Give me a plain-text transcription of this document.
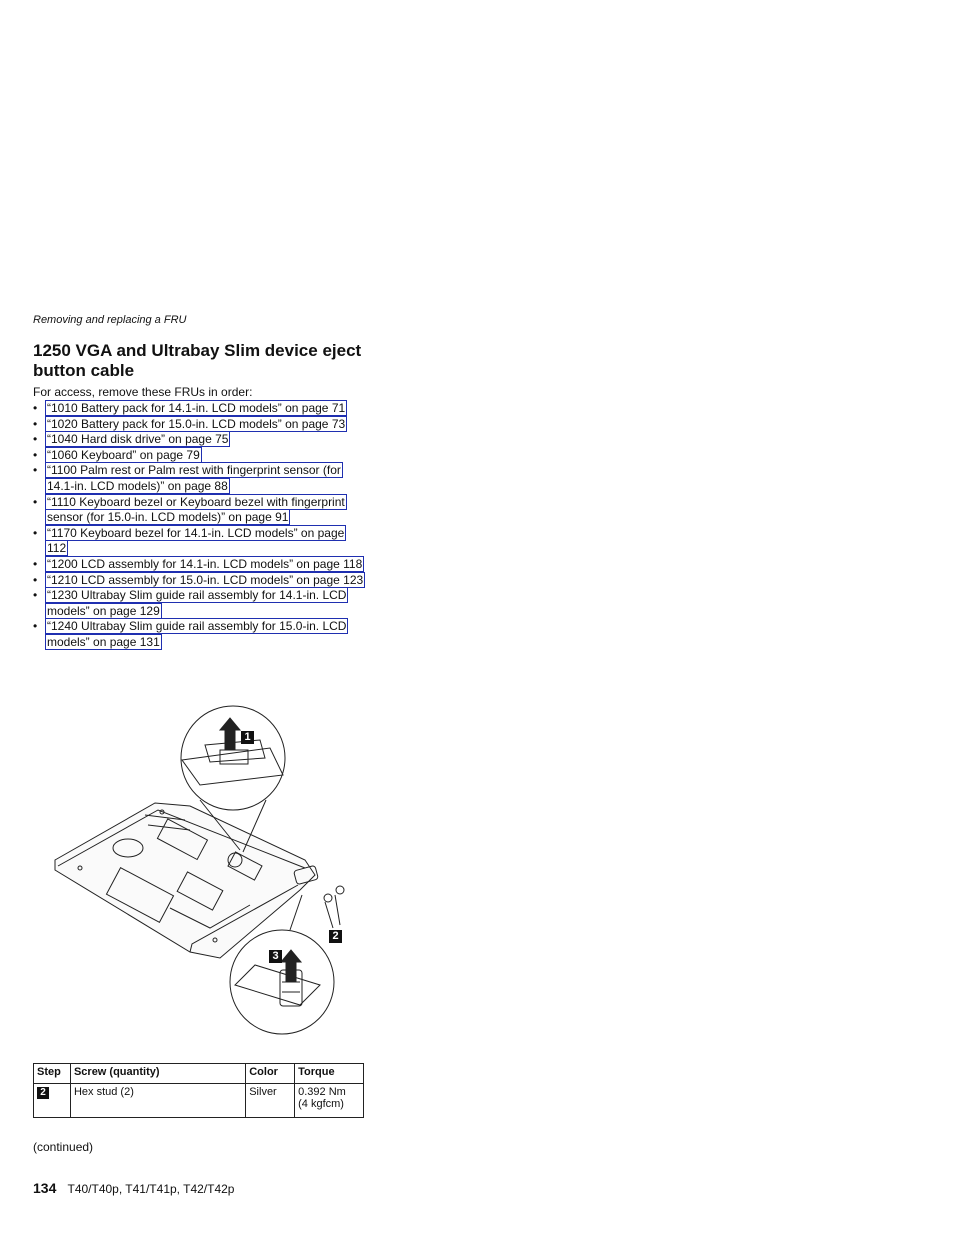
Removing and replacing a FRU
1250 VGA and Ultrabay Slim device eject button cable
For access, remove these FRUs in order:
• “1010 Battery pack for 14.1-in. LCD models” on page 71
• “1020 Battery pack for 15.0-in. LCD models” on page 73
• “1040 Hard disk drive” on page 75
• “1060 Keyboard” on page 79
• “1100 Palm rest or Palm rest with fingerprint sensor (for 14.1-in. LCD models)” on page 88
• “1110 Keyboard bezel or Keyboard bezel with fingerprint sensor (for 15.0-in. LCD models)” on page 91
• “1170 Keyboard bezel for 14.1-in. LCD models” on page 112
• “1200 LCD assembly for 14.1-in. LCD models” on page 118
• “1210 LCD assembly for 15.0-in. LCD models” on page 123
• “1230 Ultrabay Slim guide rail assembly for 14.1-in. LCD models” on page 129
• “1240 Ultrabay Slim guide rail assembly for 15.0-in. LCD models” on page 131
1
2
3
Step	Screw (quantity)	Color	Torque
2	Hex stud (2)	Silver	0.392 Nm
(4 kgfcm)
(continued)
134 T40/T40p, T41/T41p, T42/T42p
